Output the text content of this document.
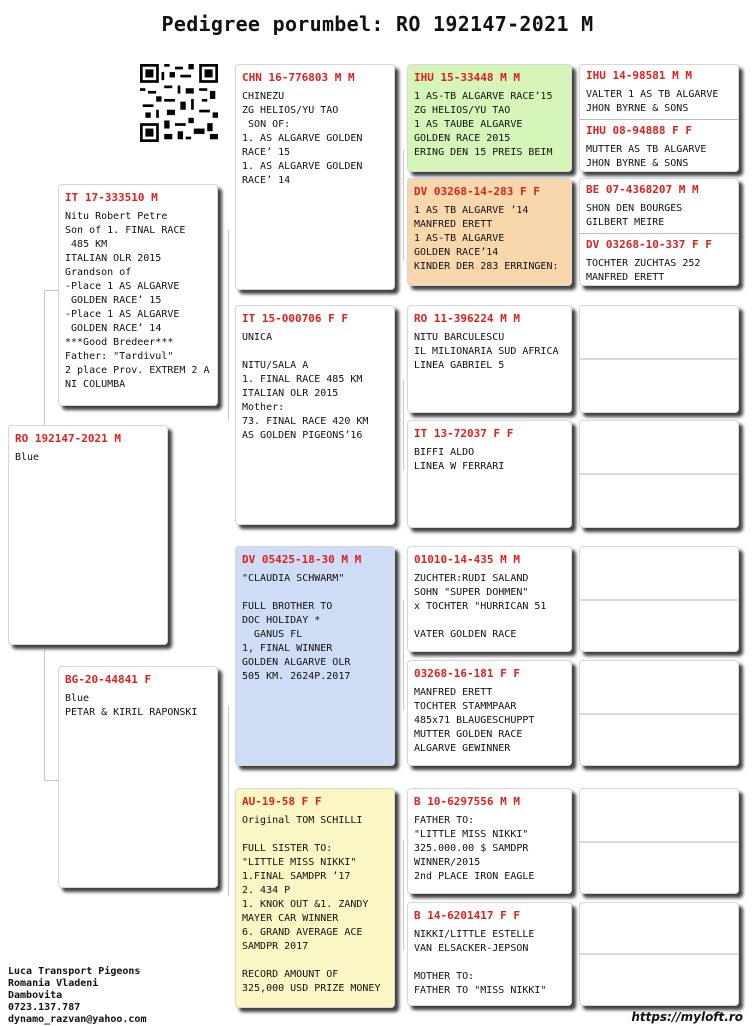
Pedigree porumbel: RO 192147-2021 M
RO 192147-2021 M
Blue
IT 17-333510 M
Nitu Robert Petre
Son of 1. FINAL RACE
485 KM
ITALIAN OLR 2015
Grandson of
-Place 1 AS ALGARVE
GOLDEN RACE’ 15
-Place 1 AS ALGARVE
GOLDEN RACE’ 14
***Good Bredeer***
Father: "Tardivul"
2 place Prov. EXTREM 2 A
NI COLUMBA
BG-20-44841 F
Blue
PETAR & KIRIL RAPONSKI
CHN 16-776803 M M
CHINEZU
ZG HELIOS/YU TAO
SON OF:
1. AS ALGARVE GOLDEN
RACE’ 15
1. AS ALGARVE GOLDEN
RACE’ 14
IT 15-000706 F F
UNICA

NITU/SALA A
1. FINAL RACE 485 KM
ITALIAN OLR 2015
Mother:
73. FINAL RACE 420 KM
AS GOLDEN PIGEONS’16
DV 05425-18-30 M M
"CLAUDIA SCHWARM"

FULL BROTHER TO
DOC HOLIDAY *
GANUS FL
1, FINAL WINNER
GOLDEN ALGARVE OLR
505 KM. 2624P.2017
AU-19-58 F F
Original TOM SCHILLI

FULL SISTER TO:
"LITTLE MISS NIKKI"
1.FINAL SAMDPR ’17
2. 434 P
1. KNOK OUT &1. ZANDY
MAYER CAR WINNER
6. GRAND AVERAGE ACE
SAMDPR 2017

RECORD AMOUNT OF
325,000 USD PRIZE MONEY
IHU 15-33448 M M
1 AS-TB ALGARVE RACE’15
ZG HELIOS/YU TAO
1 AS TAUBE ALGARVE
GOLDEN RACE 2015
ERING DEN 15 PREIS BEIM
DV 03268-14-283 F F
1 AS TB ALGARVE ’14
MANFRED ERETT
1 AS-TB ALGARVE
GOLDEN RACE’14
KINDER DER 283 ERRINGEN:
RO 11-396224 M M
NITU BARCULESCU
IL MILIONARIA SUD AFRICA
LINEA GABRIEL 5
IT 13-72037 F F
BIFFI ALDO
LINEA W FERRARI
01010-14-435 M M
ZUCHTER:RUDI SALAND
SOHN "SUPER DOHMEN"
x TOCHTER "HURRICAN 51

VATER GOLDEN RACE
03268-16-181 F F
MANFRED ERETT
TOCHTER STAMMPAAR
485x71 BLAUGESCHUPPT
MUTTER GOLDEN RACE
ALGARVE GEWINNER
B 10-6297556 M M
FATHER TO:
"LITTLE MISS NIKKI"
325.000.00 $ SAMDPR
WINNER/2015
2nd PLACE IRON EAGLE
B 14-6201417 F F
NIKKI/LITTLE ESTELLE
VAN ELSACKER-JEPSON

MOTHER TO:
FATHER TO "MISS NIKKI"
IHU 14-98581 M M
VALTER 1 AS TB ALGARVE
JHON BYRNE & SONS
IHU 08-94888 F F
MUTTER AS TB ALGARVE
JHON BYRNE & SONS
BE 07-4368207 M M
SHON DEN BOURGES
GILBERT MEIRE
DV 03268-10-337 F F
TOCHTER ZUCHTAS 252
MANFRED ERETT
Luca Transport Pigeons
Romania Vladeni
Dambovita
0723.137.787
dynamo_razvan@yahoo.com	https://myloft.ro
